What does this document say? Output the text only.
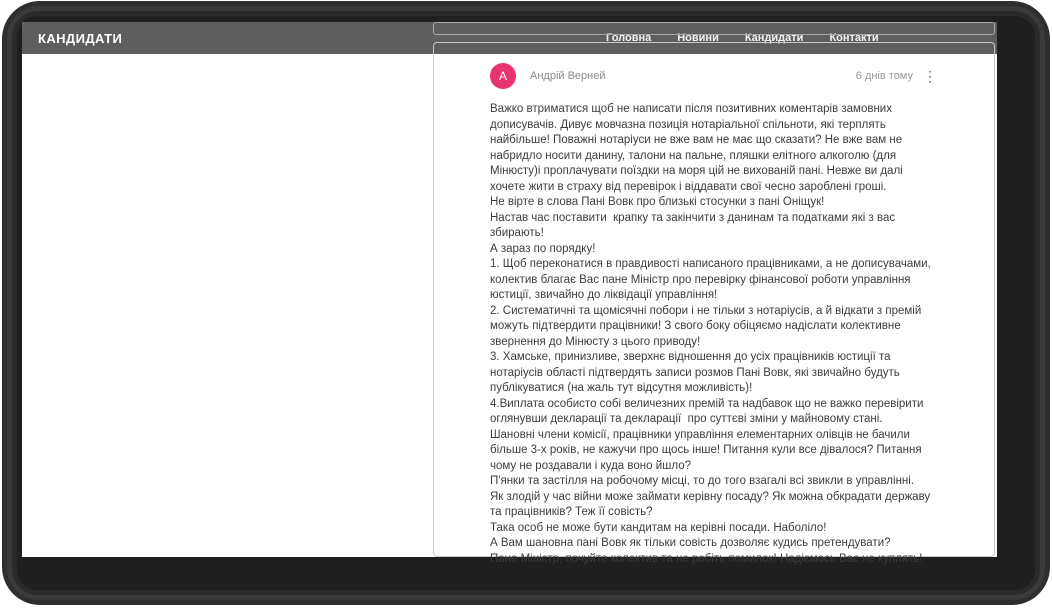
КАНДИДАТИ	Головна Новини Кандидати Контакти
A	Андрій Верней	6 днів тому ⋮
Важко втриматися щоб не написати після позитивних коментарів замовних дописувачів. Дивує мовчазна позиція нотаріальної спільноти, які терплять найбільше! Поважні нотаріуси не вже вам не має що сказати? Не вже вам не набридло носити данину, талони на пальне, пляшки елітного алкоголю (для Мінюсту)і проплачувати поїздки на моря цій не вихованій пані. Невже ви далі хочете жити в страху від перевірок і віддавати свої чесно зароблені гроші.
Не вірте в слова Пані Вовк про близькі стосунки з пані Оніщук!
Настав час поставити  крапку та закінчити з данинам та податками які з вас збирають!
А зараз по порядку!
1. Щоб переконатися в правдивості написаного працівниками, а не дописувачами, колектив благає Вас пане Міністр про перевірку фінансової роботи управління юстиції, звичайно до ліквідації управління!
2. Систематичні та щомісячні побори і не тільки з нотаріусів, а й відкати з премій можуть підтвердити працівники! З свого боку обіцяємо надіслати колективне звернення до Мінюсту з цього приводу!
3. Хамське, принизливе, зверхнє відношення до усіх працівників юстиції та нотаріусів області підтвердять записи розмов Пані Вовк, які звичайно будуть публікуватися (на жаль тут відсутня можливість)!
4.Виплата особисто собі величезних премій та надбавок що не важко перевірити оглянувши декларації та декларації  про суттєві зміни у майновому стані.
Шановні члени комісії, працівники управління елементарних олівців не бачили більше 3-х років, не кажучи про щось інше! Питання кули все дівалося? Питання чому не роздавали і куда воно йшло?
П'янки та застілля на робочому місці, то до того взагалі всі звикли в управлінні.
Як злодій у час війни може займати керівну посаду? Як можна обкрадати державу та працівників? Теж її совість?
Така особ не може бути кандитам на керівні посади. Наболіло!
А Вам шановна пані Вовк як тільки совість дозволяє кудись претендувати?
Пане Міністр, почуйте колектив та не робіть помилок! Надіємось Вас не куплять!
